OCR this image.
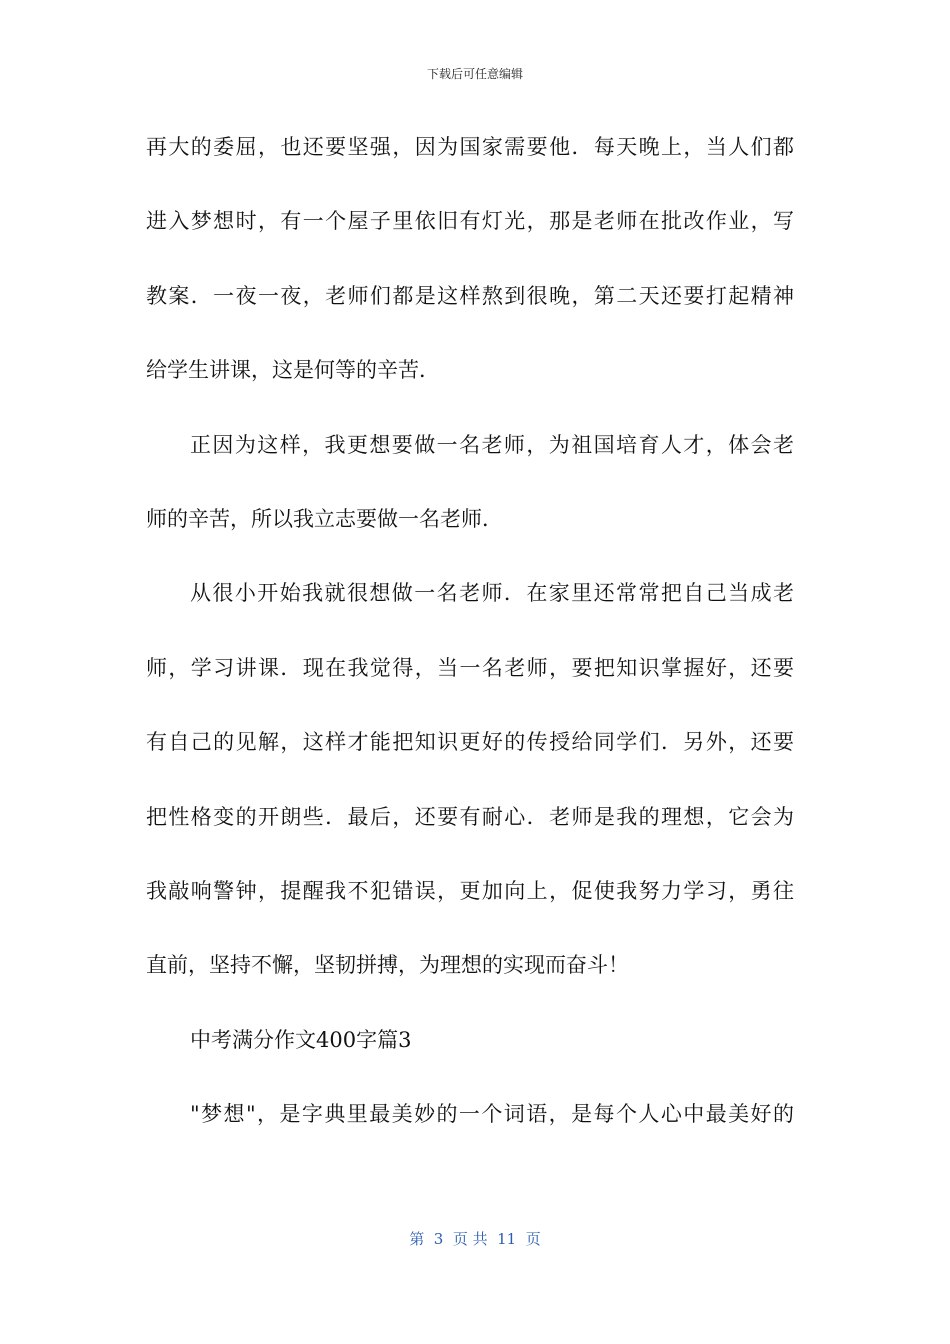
下载后可任意编辑
再大的委屈，也还要坚强，因为国家需要他．每天晚上，当人们都
进入梦想时，有一个屋子里依旧有灯光，那是老师在批改作业，写
教案．一夜一夜，老师们都是这样熬到很晚，第二天还要打起精神
给学生讲课，这是何等的辛苦．
正因为这样，我更想要做一名老师，为祖国培育人才，体会老
师的辛苦，所以我立志要做一名老师．
从很小开始我就很想做一名老师．在家里还常常把自己当成老
师，学习讲课．现在我觉得，当一名老师，要把知识掌握好，还要
有自己的见解，这样才能把知识更好的传授给同学们．另外，还要
把性格变的开朗些．最后，还要有耐心．老师是我的理想，它会为
我敲响警钟，提醒我不犯错误，更加向上，促使我努力学习，勇往
直前，坚持不懈，坚韧拼搏，为理想的实现而奋斗！
中考满分作文400字篇3
"梦想"，是字典里最美妙的一个词语，是每个人心中最美好的
第  3  页 共  11  页
